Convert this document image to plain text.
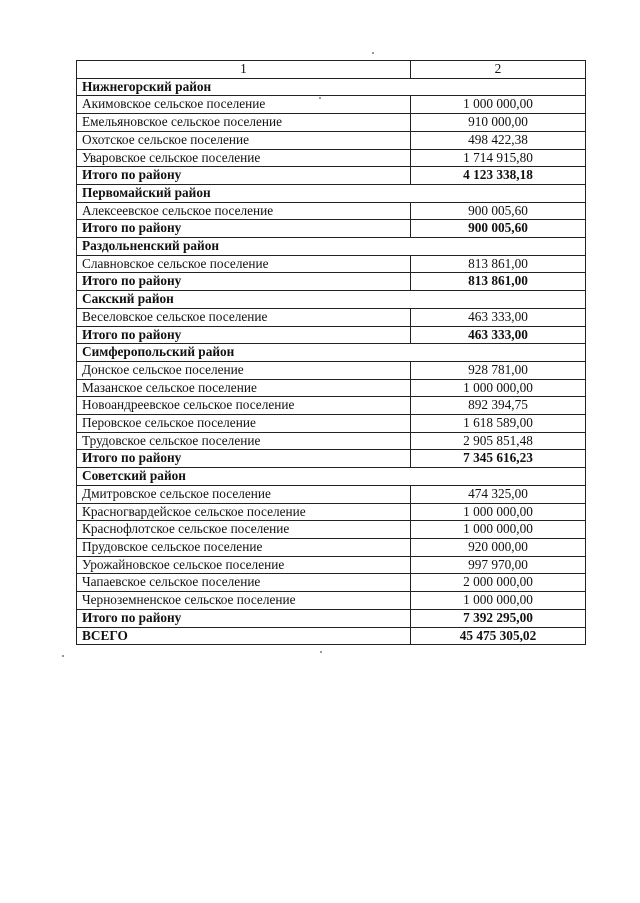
1	2
Нижнегорский район	
Акимовское сельское поселение	1 000 000,00
Емельяновское сельское поселение	910 000,00
Охотское сельское поселение	498 422,38
Уваровское сельское поселение	1 714 915,80
Итого по району	4 123 338,18
Первомайский район	
Алексеевское сельское поселение	900 005,60
Итого по району	900 005,60
Раздольненский район	
Славновское сельское поселение	813 861,00
Итого по району	813 861,00
Сакский район	
Веселовское сельское поселение	463 333,00
Итого по району	463 333,00
Симферопольский район	
Донское сельское поселение	928 781,00
Мазанское сельское поселение	1 000 000,00
Новоандреевское сельское поселение	892 394,75
Перовское сельское поселение	1 618 589,00
Трудовское сельское поселение	2 905 851,48
Итого по району	7 345 616,23
Советский район	
Дмитровское сельское поселение	474 325,00
Красногвардейское сельское поселение	1 000 000,00
Краснофлотское сельское поселение	1 000 000,00
Прудовское сельское поселение	920 000,00
Урожайновское сельское поселение	997 970,00
Чапаевское сельское поселение	2 000 000,00
Черноземненское сельское поселение	1 000 000,00
Итого по району	7 392 295,00
ВСЕГО	45 475 305,02
